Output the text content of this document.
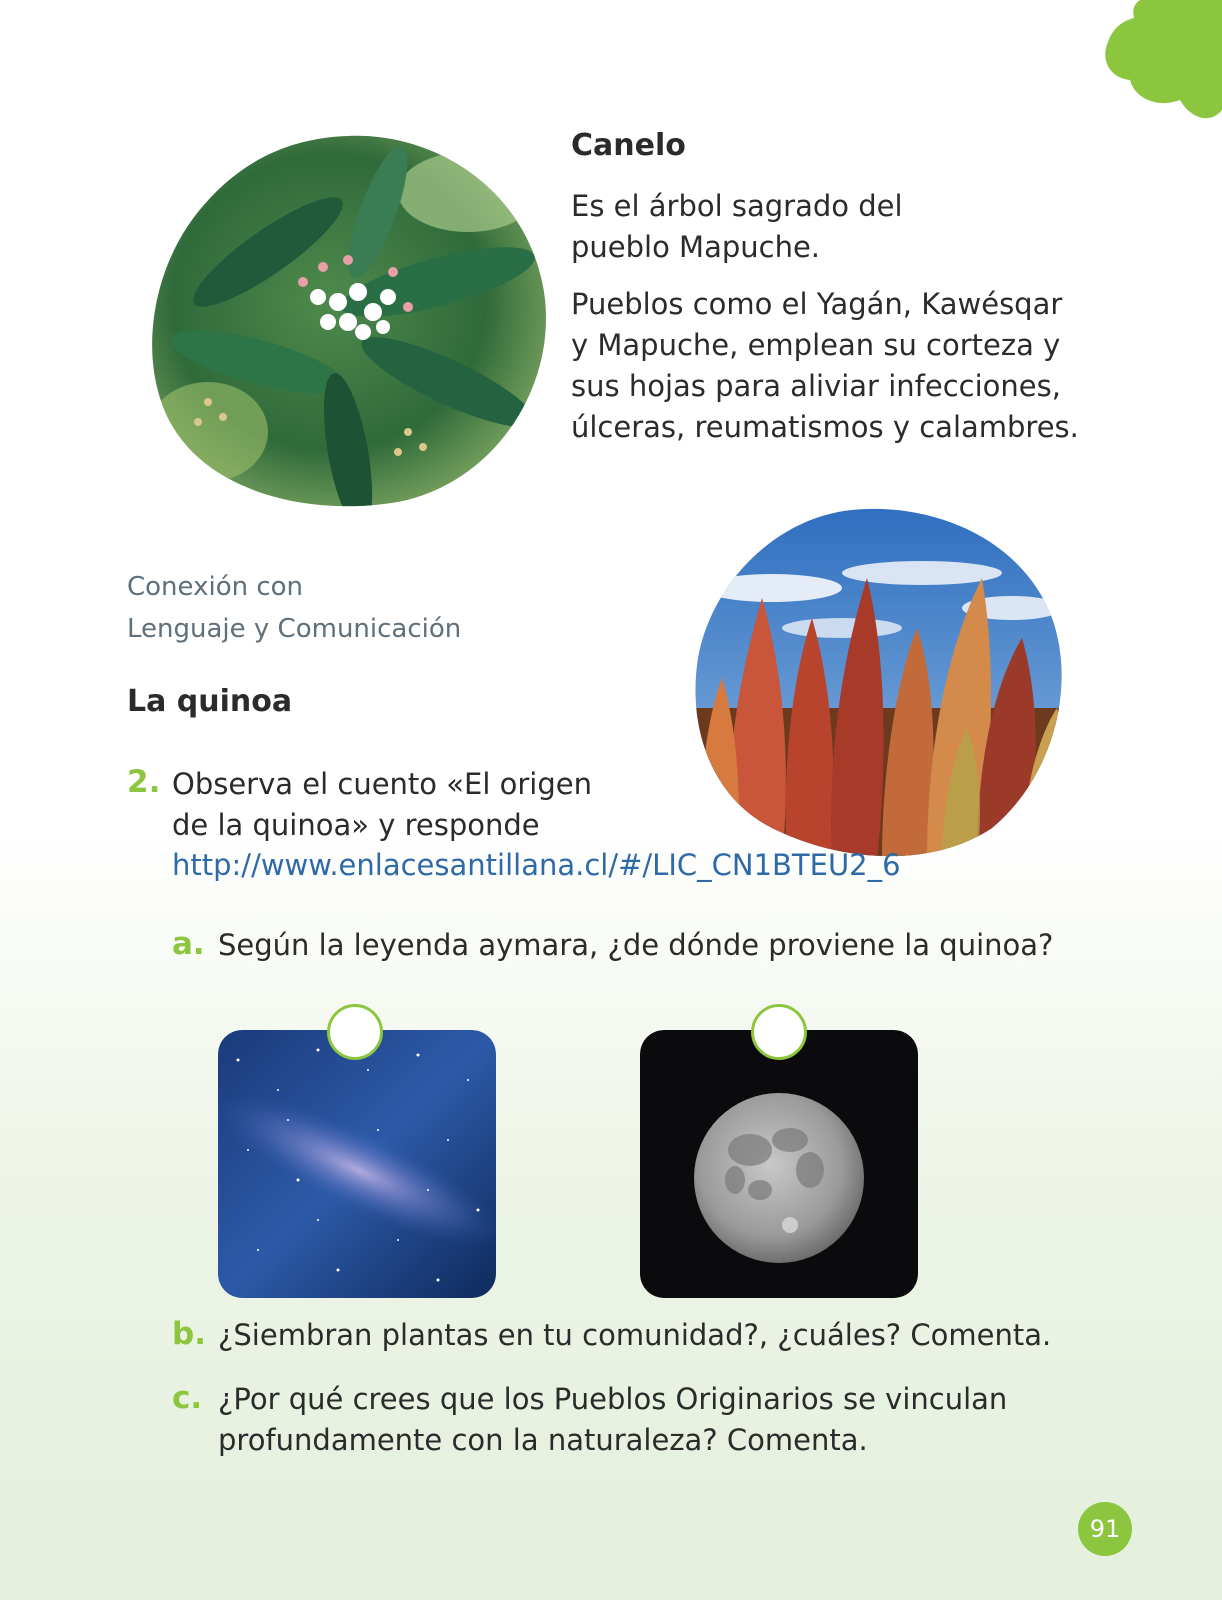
Canelo
Es el árbol sagrado del
pueblo Mapuche.
Pueblos como el Yagán, Kawésqar
y Mapuche, emplean su corteza y
sus hojas para aliviar infecciones,
úlceras, reumatismos y calambres.
Conexión con
Lenguaje y Comunicación
La quinoa
2. Observa el cuento «El origen
de la quinoa» y responde
http://www.enlacesantillana.cl/#/LIC_CN1BTEU2_6
a. Según la leyenda aymara, ¿de dónde proviene la quinoa?
b. ¿Siembran plantas en tu comunidad?, ¿cuáles? Comenta.
c. ¿Por qué crees que los Pueblos Originarios se vinculan
profundamente con la naturaleza? Comenta.
91
